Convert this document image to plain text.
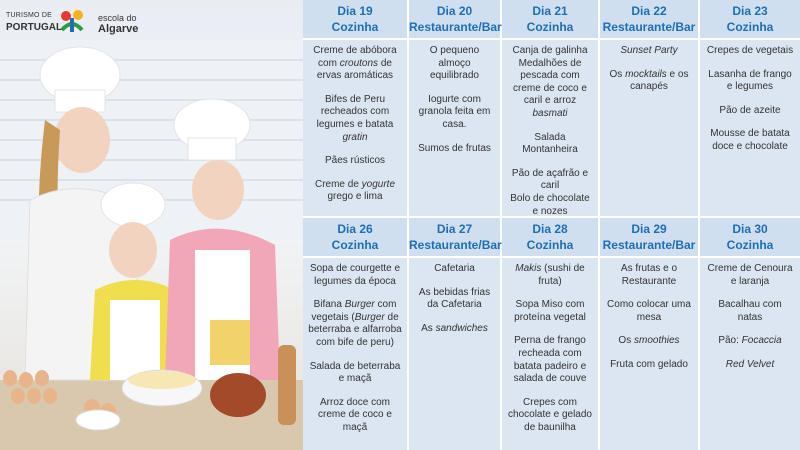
TURISMO DE
PORTUGAL
escola do
Algarve
Dia 19
Cozinha

Creme de abóbora com croutons de ervas aromáticas

Bifes de Peru recheados com legumes e batata gratin

Pães rústicos

Creme de yogurte grego e lima

Dia 20
Restaurante/Bar

O pequeno almoço equilibrado

Iogurte com granola feita em casa.

Sumos de frutas

Dia 21
Cozinha

Canja de galinha Medalhões de pescada com creme de coco e caril e arroz basmati

Salada Montanheira

Pão de açafrão e caril
Bolo de chocolate e nozes

Dia 22
Restaurante/Bar

Sunset Party

Os mocktails e os canapés

Dia 23
Cozinha

Crepes de vegetais

Lasanha de frango e legumes

Pão de azeite

Mousse de batata doce e chocolate

Dia 26
Cozinha

Sopa de courgette e legumes da época

Bifana Burger com vegetais (Burger de beterraba e alfarroba com bife de peru)

Salada de beterraba e maçã

Arroz doce com creme de coco e maçã

Dia 27
Restaurante/Bar

Cafetaria

As bebidas frias da Cafetaria

As sandwiches

Dia 28
Cozinha

Makis (sushi de fruta)

Sopa Miso com proteína vegetal

Perna de frango recheada com batata padeiro e salada de couve

Crepes com chocolate e gelado de baunilha

Dia 29
Restaurante/Bar

As frutas e o Restaurante

Como colocar uma mesa

Os smoothies

Fruta com gelado

Dia 30
Cozinha

Creme de Cenoura e laranja

Bacalhau com natas

Pão: Focaccia

Red Velvet
